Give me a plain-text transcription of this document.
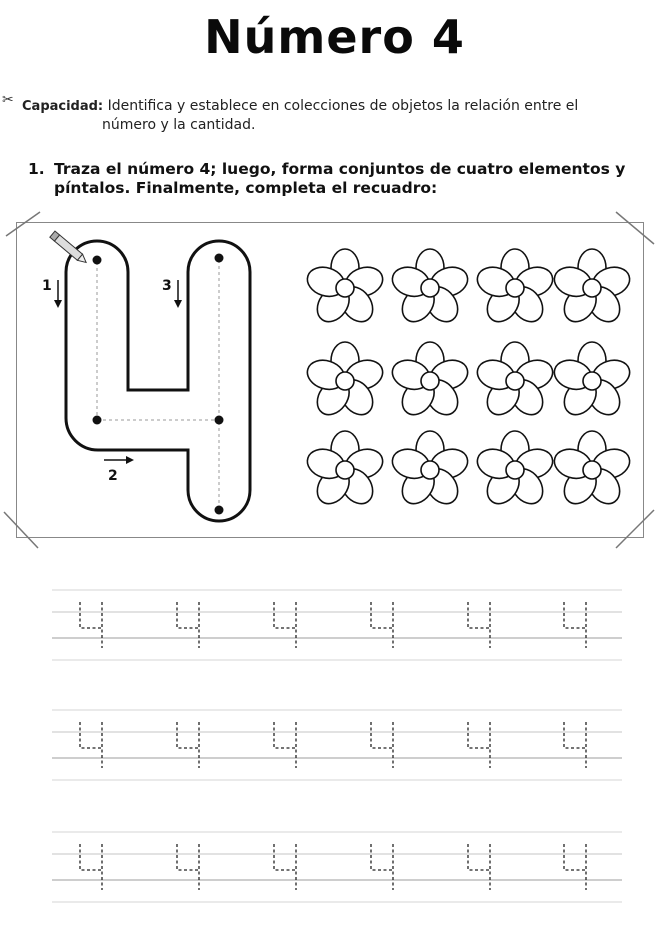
Número 4
✂ Capacidad: Identifica y establece en colecciones de objetos la relación entre el
número y la cantidad.
1. Traza el número 4; luego, forma conjuntos de cuatro elementos y
píntalos. Finalmente, completa el recuadro:
1	3
2
